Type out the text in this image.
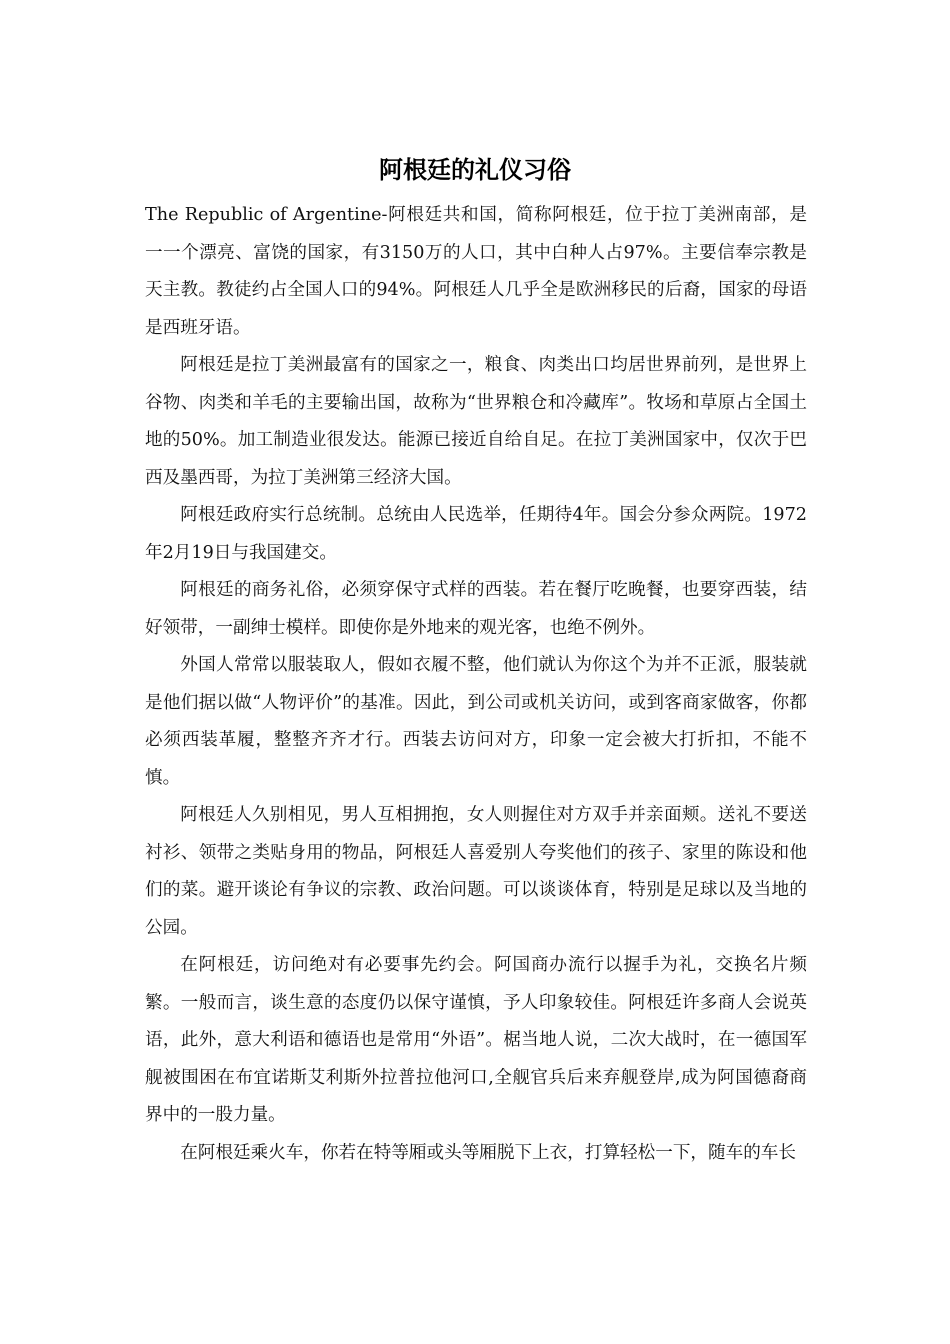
阿根廷的礼仪习俗

The Republic of Argentine-阿根廷共和国，简称阿根廷，位于拉丁美洲南部，是一一个漂亮、富饶的国家，有3150万的人口，其中白种人占97%。主要信奉宗教是天主教。教徒约占全国人口的94%。阿根廷人几乎全是欧洲移民的后裔，国家的母语是西班牙语。

阿根廷是拉丁美洲最富有的国家之一，粮食、肉类出口均居世界前列，是世界上谷物、肉类和羊毛的主要输出国，故称为“世界粮仓和冷藏库”。牧场和草原占全国土地的50%。加工制造业很发达。能源已接近自给自足。在拉丁美洲国家中，仅次于巴西及墨西哥，为拉丁美洲第三经济大国。

阿根廷政府实行总统制。总统由人民选举，任期待4年。国会分参众两院。1972年2月19日与我国建交。

阿根廷的商务礼俗，必须穿保守式样的西装。若在餐厅吃晚餐，也要穿西装，结好领带，一副绅士模样。即使你是外地来的观光客，也绝不例外。

外国人常常以服装取人，假如衣履不整，他们就认为你这个为并不正派，服装就是他们据以做“人物评价”的基准。因此，到公司或机关访问，或到客商家做客，你都必须西装革履，整整齐齐才行。西装去访问对方，印象一定会被大打折扣，不能不慎。

阿根廷人久别相见，男人互相拥抱，女人则握住对方双手并亲面颊。送礼不要送衬衫、领带之类贴身用的物品，阿根廷人喜爱别人夸奖他们的孩子、家里的陈设和他们的菜。避开谈论有争议的宗教、政治问题。可以谈谈体育，特别是足球以及当地的公园。

在阿根廷，访问绝对有必要事先约会。阿国商办流行以握手为礼，交换名片频繁。一般而言，谈生意的态度仍以保守谨慎，予人印象较佳。阿根廷许多商人会说英语，此外，意大利语和德语也是常用“外语”。椐当地人说，二次大战时，在一德国军舰被围困在布宜诺斯艾利斯外拉普拉他河口,全舰官兵后来弃舰登岸,成为阿国德裔商界中的一股力量。

在阿根廷乘火车，你若在特等厢或头等厢脱下上衣，打算轻松一下，随车的车长
